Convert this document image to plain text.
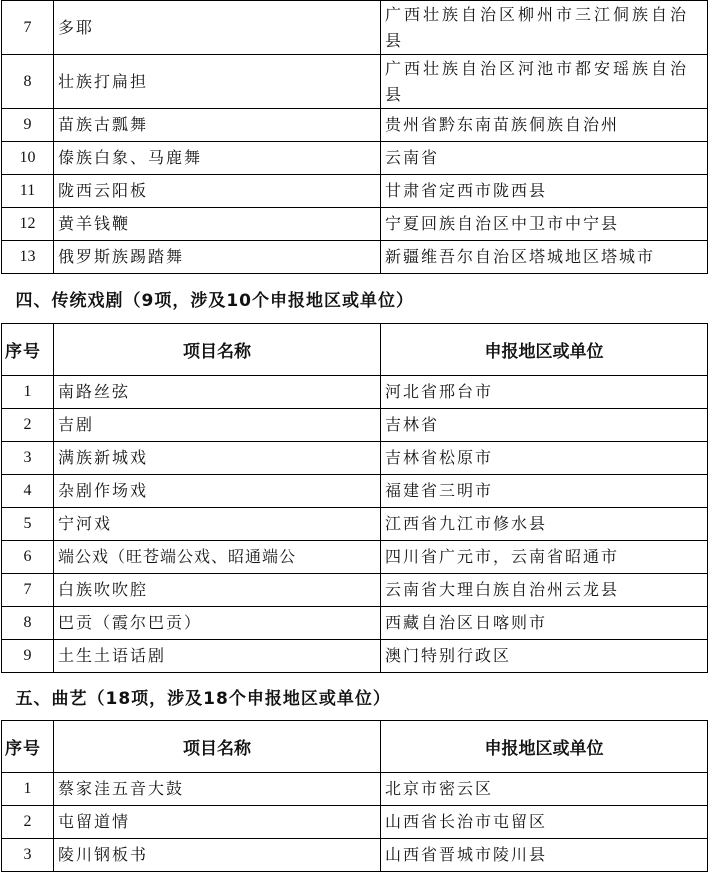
7	多耶	广西壮族自治区柳州市三江侗族自治县
8	壮族打扁担	广西壮族自治区河池市都安瑶族自治县
9	苗族古瓢舞	贵州省黔东南苗族侗族自治州
10	傣族白象、马鹿舞	云南省
11	陇西云阳板	甘肃省定西市陇西县
12	黄羊钱鞭	宁夏回族自治区中卫市中宁县
13	俄罗斯族踢踏舞	新疆维吾尔自治区塔城地区塔城市
四、传统戏剧（9项，涉及10个申报地区或单位）		
序号	项目名称	申报地区或单位
1	南路丝弦	河北省邢台市
2	吉剧	吉林省
3	满族新城戏	吉林省松原市
4	杂剧作场戏	福建省三明市
5	宁河戏	江西省九江市修水县
6	端公戏（旺苍端公戏、昭通端公	四川省广元市，云南省昭通市
7	白族吹吹腔	云南省大理白族自治州云龙县
8	巴贡（霞尔巴贡）	西藏自治区日喀则市
9	土生土语话剧	澳门特别行政区
五、曲艺（18项，涉及18个申报地区或单位）		
序号	项目名称	申报地区或单位
1	蔡家洼五音大鼓	北京市密云区
2	屯留道情	山西省长治市屯留区
3	陵川钢板书	山西省晋城市陵川县
